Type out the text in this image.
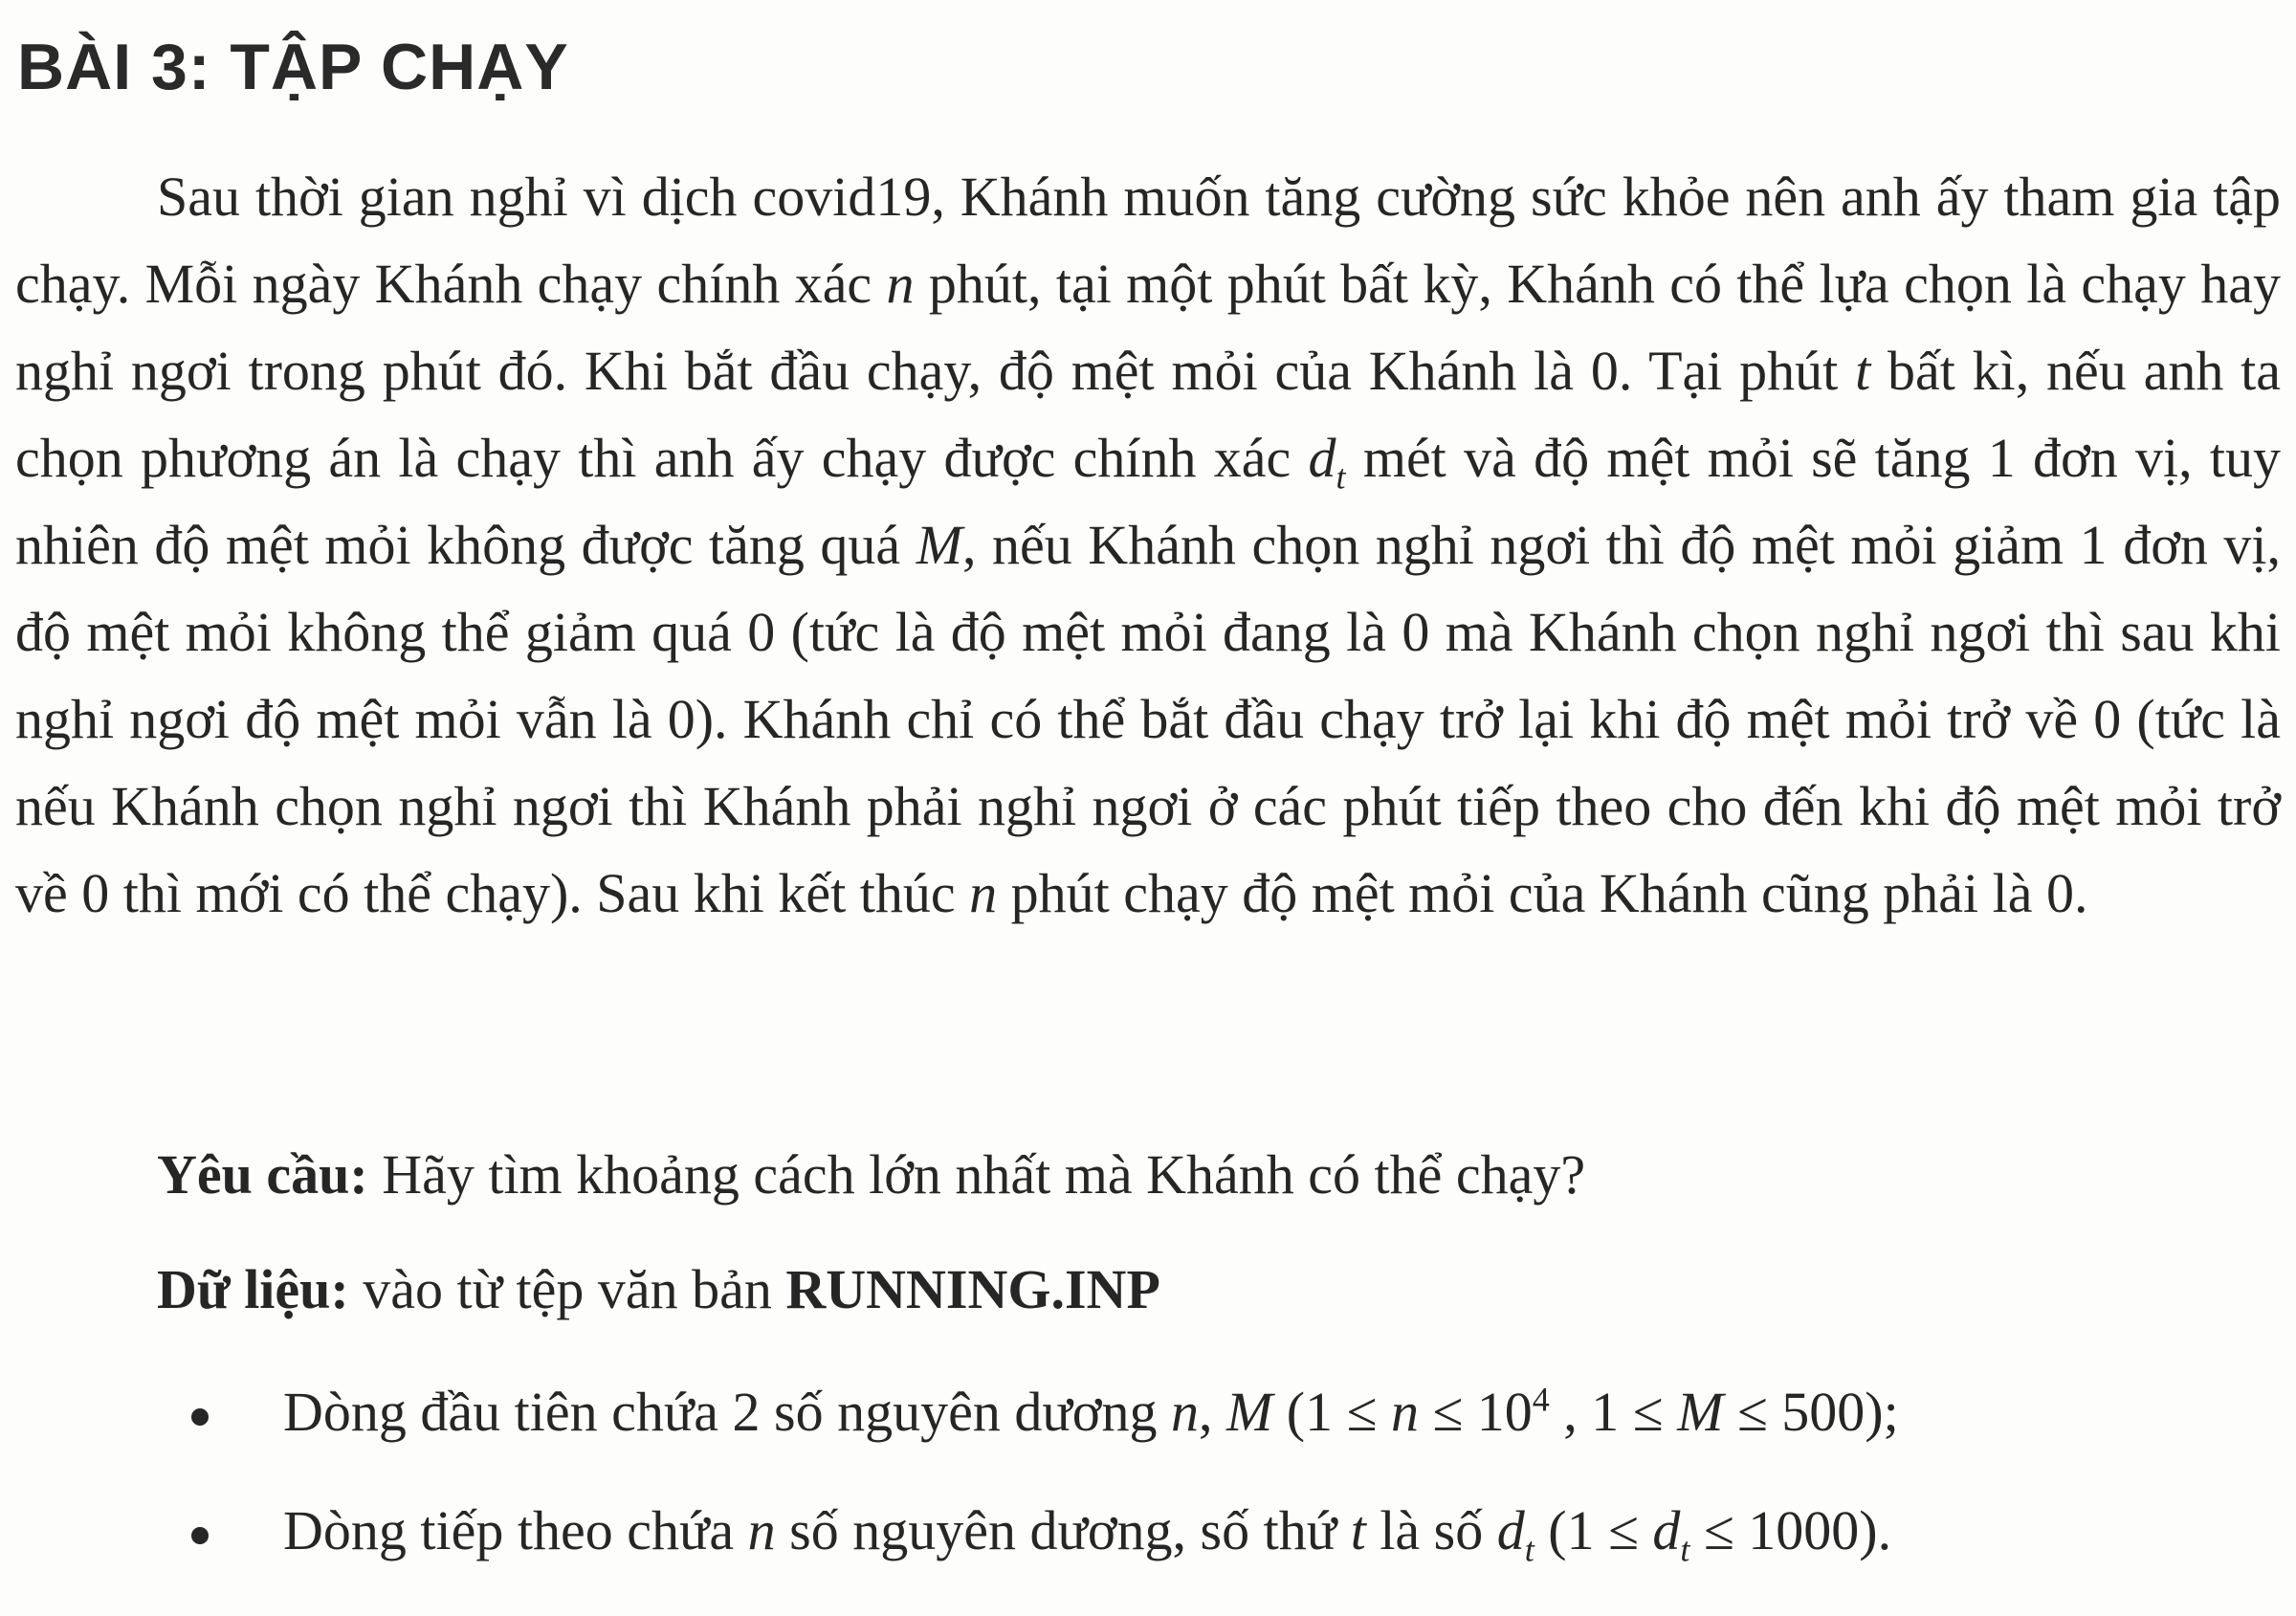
BÀI 3: TẬP CHẠY

Sau thời gian nghỉ vì dịch covid19, Khánh muốn tăng cường sức khỏe nên anh ấy tham gia tập chạy. Mỗi ngày Khánh chạy chính xác n phút, tại một phút bất kỳ, Khánh có thể lựa chọn là chạy hay nghỉ ngơi trong phút đó. Khi bắt đầu chạy, độ mệt mỏi của Khánh là 0. Tại phút t bất kì, nếu anh ta chọn phương án là chạy thì anh ấy chạy được chính xác $d_t$ mét và độ mệt mỏi sẽ tăng 1 đơn vị, tuy nhiên độ mệt mỏi không được tăng quá M, nếu Khánh chọn nghỉ ngơi thì độ mệt mỏi giảm 1 đơn vị, độ mệt mỏi không thể giảm quá 0 (tức là độ mệt mỏi đang là 0 mà Khánh chọn nghỉ ngơi thì sau khi nghỉ ngơi độ mệt mỏi vẫn là 0). Khánh chỉ có thể bắt đầu chạy trở lại khi độ mệt mỏi trở về 0 (tức là nếu Khánh chọn nghỉ ngơi thì Khánh phải nghỉ ngơi ở các phút tiếp theo cho đến khi độ mệt mỏi trở về 0 thì mới có thể chạy). Sau khi kết thúc n phút chạy độ mệt mỏi của Khánh cũng phải là 0.

Yêu cầu: Hãy tìm khoảng cách lớn nhất mà Khánh có thể chạy?

Dữ liệu: vào từ tệp văn bản RUNNING.INP

Dòng đầu tiên chứa 2 số nguyên dương n, M ($1 \le n \le 10^4$ , 1 ≤ M ≤ 500);
Dòng tiếp theo chứa n số nguyên dương, số thứ t là số $d_t$ $(1 \le d_t \le 1000)$.
